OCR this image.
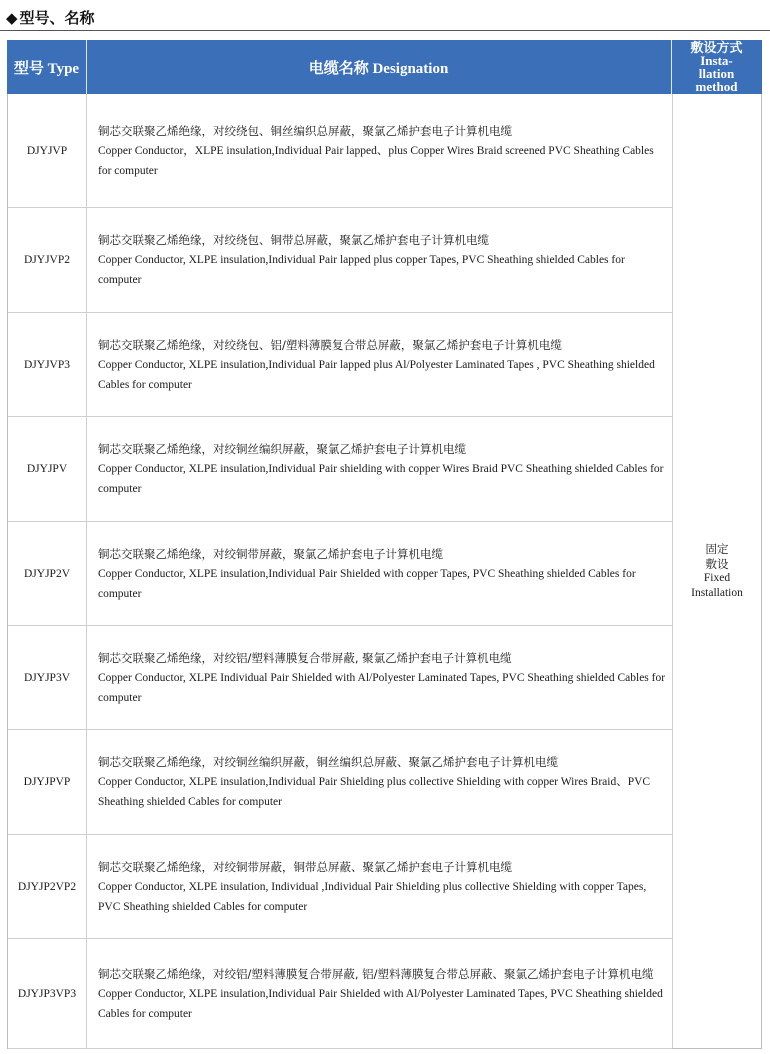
◆ 型号、名称
型号 Type	电缆名称 Designation
敷设方式
Insta-
llation
method
DJYJVP
铜芯交联聚乙烯绝缘，对绞绕包、铜丝编织总屏蔽，聚氯乙烯护套电子计算机电缆
Copper Conductor，XLPE insulation,Individual Pair lapped、plus Copper Wires Braid screened PVC Sheathing Cables for computer
DJYJVP2
铜芯交联聚乙烯绝缘，对绞绕包、铜带总屏蔽，聚氯乙烯护套电子计算机电缆
Copper Conductor, XLPE insulation,Individual Pair lapped plus copper Tapes, PVC Sheathing shielded Cables for computer
DJYJVP3
铜芯交联聚乙烯绝缘，对绞绕包、铝/塑料薄膜复合带总屏蔽，聚氯乙烯护套电子计算机电缆
Copper Conductor, XLPE insulation,Individual Pair lapped plus Al/Polyester Laminated Tapes , PVC Sheathing shielded Cables for computer
DJYJPV
铜芯交联聚乙烯绝缘，对绞铜丝编织屏蔽，聚氯乙烯护套电子计算机电缆
Copper Conductor, XLPE insulation,Individual Pair shielding with copper Wires Braid PVC Sheathing shielded Cables for computer
DJYJP2V
铜芯交联聚乙烯绝缘，对绞铜带屏蔽，聚氯乙烯护套电子计算机电缆
Copper Conductor, XLPE insulation,Individual Pair Shielded with copper Tapes, PVC Sheathing shielded Cables for computer
DJYJP3V
铜芯交联聚乙烯绝缘，对绞铝/塑料薄膜复合带屏蔽, 聚氯乙烯护套电子计算机电缆
Copper Conductor, XLPE Individual Pair Shielded with Al/Polyester Laminated Tapes, PVC Sheathing shielded Cables for computer
DJYJPVP
铜芯交联聚乙烯绝缘，对绞铜丝编织屏蔽，铜丝编织总屏蔽、聚氯乙烯护套电子计算机电缆
Copper Conductor, XLPE insulation,Individual Pair Shielding plus collective Shielding with copper Wires Braid、PVC Sheathing shielded Cables for computer
DJYJP2VP2
铜芯交联聚乙烯绝缘，对绞铜带屏蔽，铜带总屏蔽、聚氯乙烯护套电子计算机电缆
Copper Conductor, XLPE insulation, Individual ,Individual Pair Shielding plus collective Shielding with copper Tapes, PVC Sheathing shielded Cables for computer
DJYJP3VP3
铜芯交联聚乙烯绝缘，对绞铝/塑料薄膜复合带屏蔽, 铝/塑料薄膜复合带总屏蔽、聚氯乙烯护套电子计算机电缆
Copper Conductor, XLPE insulation,Individual Pair Shielded with Al/Polyester Laminated Tapes, PVC Sheathing shielded Cables for computer
固定
敷设
Fixed
Installation
